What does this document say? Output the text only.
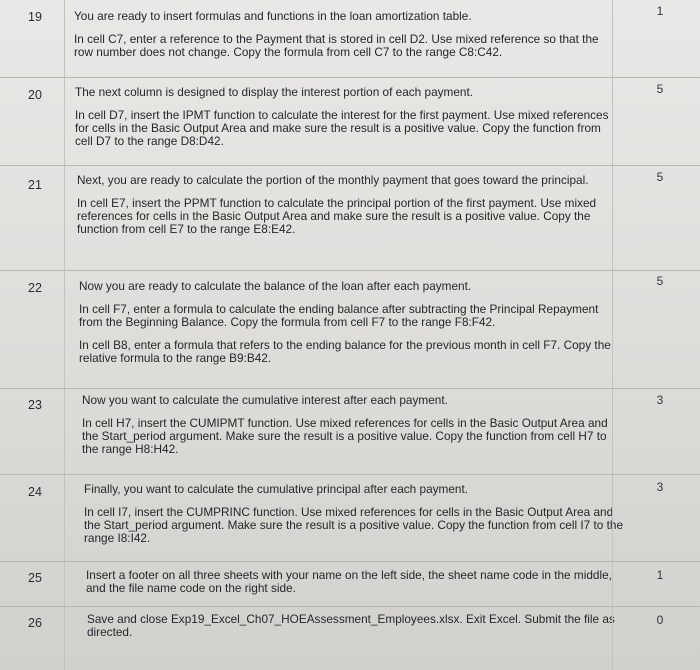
19	You are ready to insert formulas and functions in the loan amortization table.

In cell C7, enter a reference to the Payment that is stored in cell D2. Use mixed reference so that the row number does not change. Copy the formula from cell C7 to the range C8:C42.

1
20	The next column is designed to display the interest portion of each payment.

In cell D7, insert the IPMT function to calculate the interest for the first payment. Use mixed references for cells in the Basic Output Area and make sure the result is a positive value. Copy the function from cell D7 to the range D8:D42.

5
21	Next, you are ready to calculate the portion of the monthly payment that goes toward the principal.

In cell E7, insert the PPMT function to calculate the principal portion of the first payment. Use mixed references for cells in the Basic Output Area and make sure the result is a positive value. Copy the function from cell E7 to the range E8:E42.

5
22	Now you are ready to calculate the balance of the loan after each payment.

In cell F7, enter a formula to calculate the ending balance after subtracting the Principal Repayment from the Beginning Balance. Copy the formula from cell F7 to the range F8:F42.

In cell B8, enter a formula that refers to the ending balance for the previous month in cell F7. Copy the relative formula to the range B9:B42.

5
23	Now you want to calculate the cumulative interest after each payment.

In cell H7, insert the CUMIPMT function. Use mixed references for cells in the Basic Output Area and the Start_period argument. Make sure the result is a positive value. Copy the function from cell H7 to the range H8:H42.

3
24	Finally, you want to calculate the cumulative principal after each payment.

In cell I7, insert the CUMPRINC function. Use mixed references for cells in the Basic Output Area and the Start_period argument. Make sure the result is a positive value. Copy the function from cell I7 to the range I8:I42.

3
25	Insert a footer on all three sheets with your name on the left side, the sheet name code in the middle, and the file name code on the right side.

1
26	Save and close Exp19_Excel_Ch07_HOEAssessment_Employees.xlsx. Exit Excel. Submit the file as directed.

0
